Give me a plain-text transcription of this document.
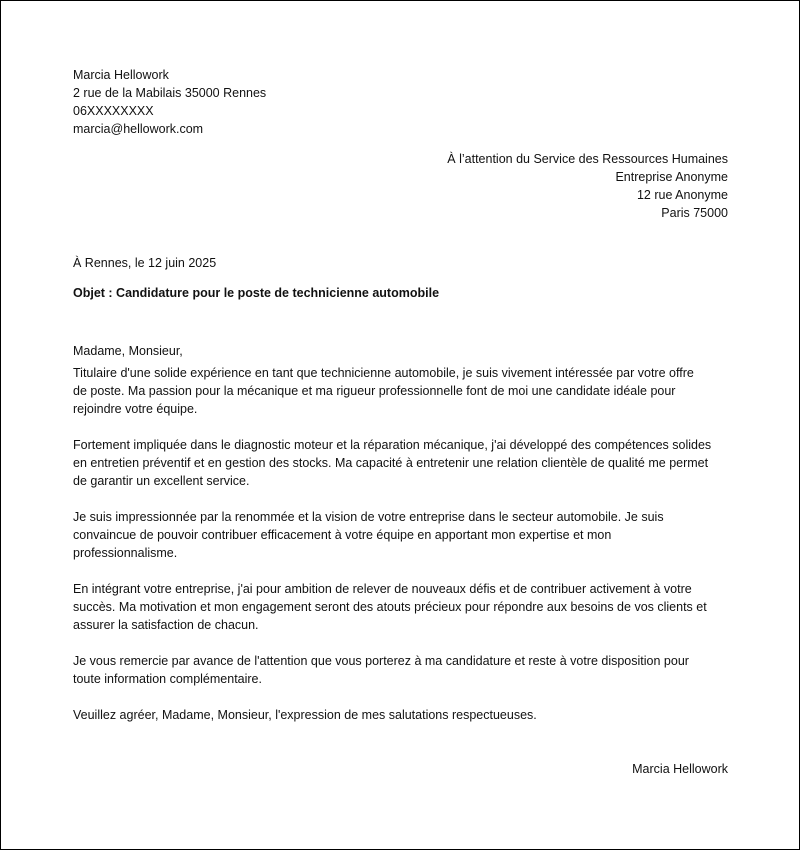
Marcia Hellowork
2 rue de la Mabilais 35000 Rennes
06XXXXXXXX
marcia@hellowork.com
À l’attention du Service des Ressources Humaines
Entreprise Anonyme
12 rue Anonyme
Paris 75000
À Rennes, le 12 juin 2025
Objet : Candidature pour le poste de technicienne automobile
Madame, Monsieur,
Titulaire d'une solide expérience en tant que technicienne automobile, je suis vivement intéressée par votre offre
de poste. Ma passion pour la mécanique et ma rigueur professionnelle font de moi une candidate idéale pour
rejoindre votre équipe.
Fortement impliquée dans le diagnostic moteur et la réparation mécanique, j'ai développé des compétences solides
en entretien préventif et en gestion des stocks. Ma capacité à entretenir une relation clientèle de qualité me permet
de garantir un excellent service.
Je suis impressionnée par la renommée et la vision de votre entreprise dans le secteur automobile. Je suis
convaincue de pouvoir contribuer efficacement à votre équipe en apportant mon expertise et mon
professionnalisme.
En intégrant votre entreprise, j'ai pour ambition de relever de nouveaux défis et de contribuer activement à votre
succès. Ma motivation et mon engagement seront des atouts précieux pour répondre aux besoins de vos clients et
assurer la satisfaction de chacun.
Je vous remercie par avance de l'attention que vous porterez à ma candidature et reste à votre disposition pour
toute information complémentaire.
Veuillez agréer, Madame, Monsieur, l'expression de mes salutations respectueuses.
Marcia Hellowork
